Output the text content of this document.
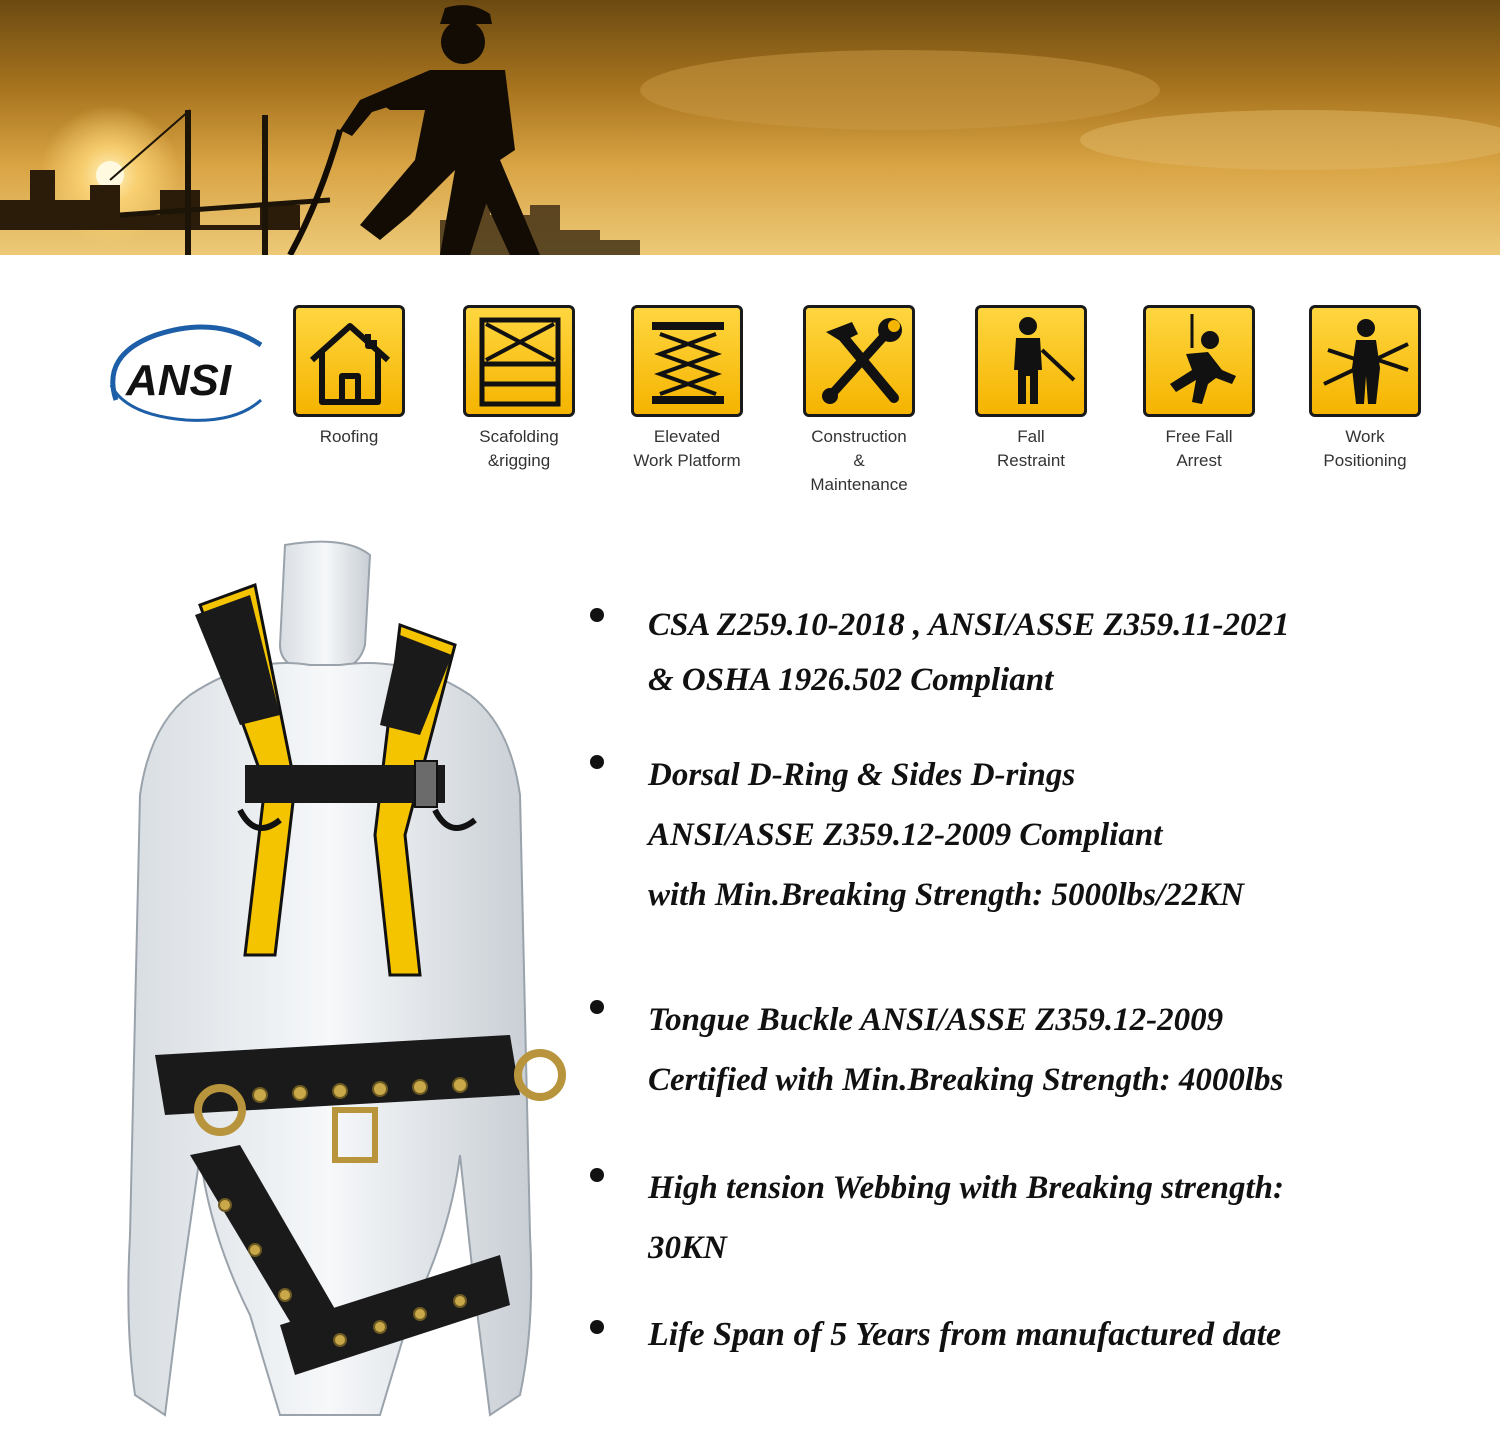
ANSI
Roofing	Scafolding
&rigging
Elevated
Work Platform
Construction
& Maintenance
Fall
Restraint
Free Fall
Arrest
Work
Positioning
CSA Z259.10-2018 , ANSI/ASSE Z359.11-2021
& OSHA 1926.502 Compliant
Dorsal D-Ring & Sides D-rings
ANSI/ASSE Z359.12-2009 Compliant
with Min.Breaking Strength: 5000lbs/22KN
Tongue Buckle ANSI/ASSE Z359.12-2009
Certified with Min.Breaking Strength: 4000lbs
High tension Webbing with Breaking strength:
30KN
Life Span of 5 Years from manufactured date
